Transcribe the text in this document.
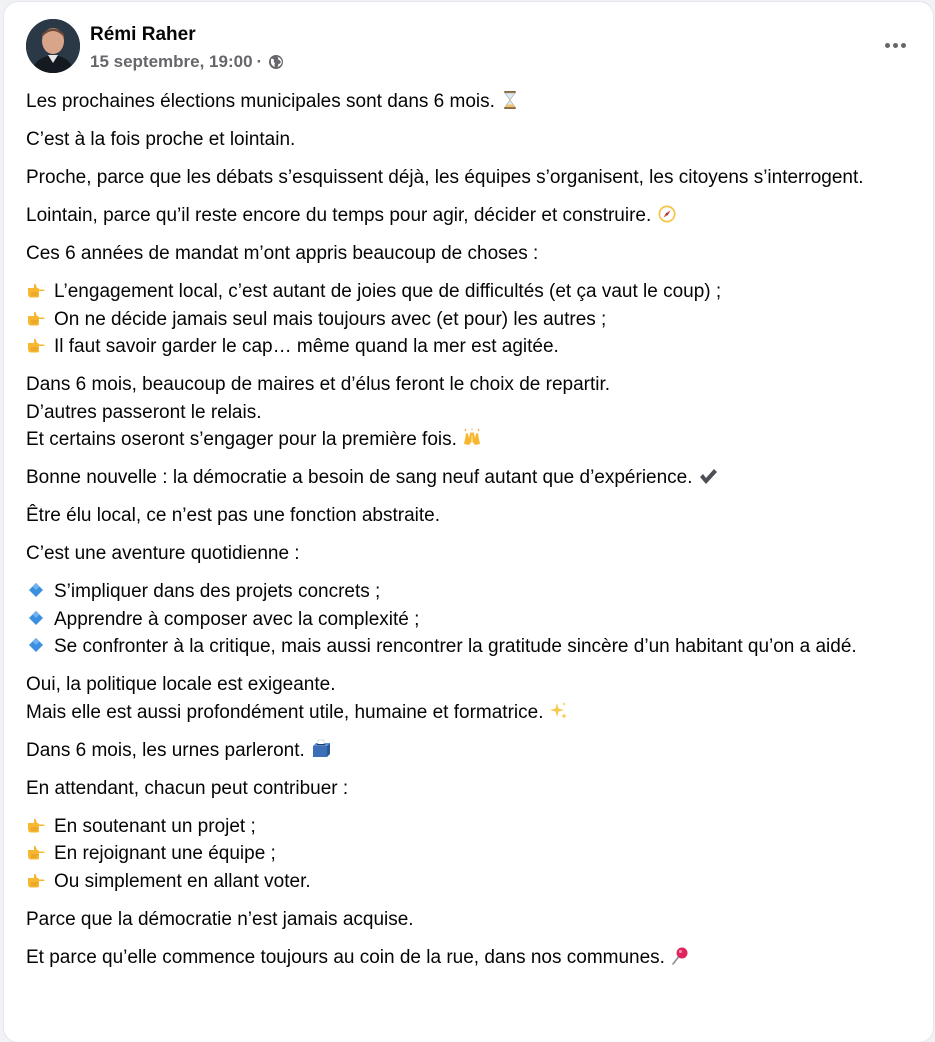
Rémi Raher
15 septembre, 19:00 ·

Les prochaines élections municipales sont dans 6 mois.

C’est à la fois proche et lointain.

Proche, parce que les débats s’esquissent déjà, les équipes s’organisent, les citoyens s’interrogent.

Lointain, parce qu’il reste encore du temps pour agir, décider et construire.

Ces 6 années de mandat m’ont appris beaucoup de choses :

L’engagement local, c’est autant de joies que de difficultés (et ça vaut le coup) ;

On ne décide jamais seul mais toujours avec (et pour) les autres ;

Il faut savoir garder le cap… même quand la mer est agitée.

Dans 6 mois, beaucoup de maires et d’élus feront le choix de repartir.
D’autres passeront le relais.
Et certains oseront s’engager pour la première fois.

Bonne nouvelle : la démocratie a besoin de sang neuf autant que d’expérience.

Être élu local, ce n’est pas une fonction abstraite.

C’est une aventure quotidienne :

S’impliquer dans des projets concrets ;

Apprendre à composer avec la complexité ;

Se confronter à la critique, mais aussi rencontrer la gratitude sincère d’un habitant qu’on a aidé.

Oui, la politique locale est exigeante.
Mais elle est aussi profondément utile, humaine et formatrice.

Dans 6 mois, les urnes parleront.

En attendant, chacun peut contribuer :

En soutenant un projet ;

En rejoignant une équipe ;

Ou simplement en allant voter.

Parce que la démocratie n’est jamais acquise.

Et parce qu’elle commence toujours au coin de la rue, dans nos communes.
